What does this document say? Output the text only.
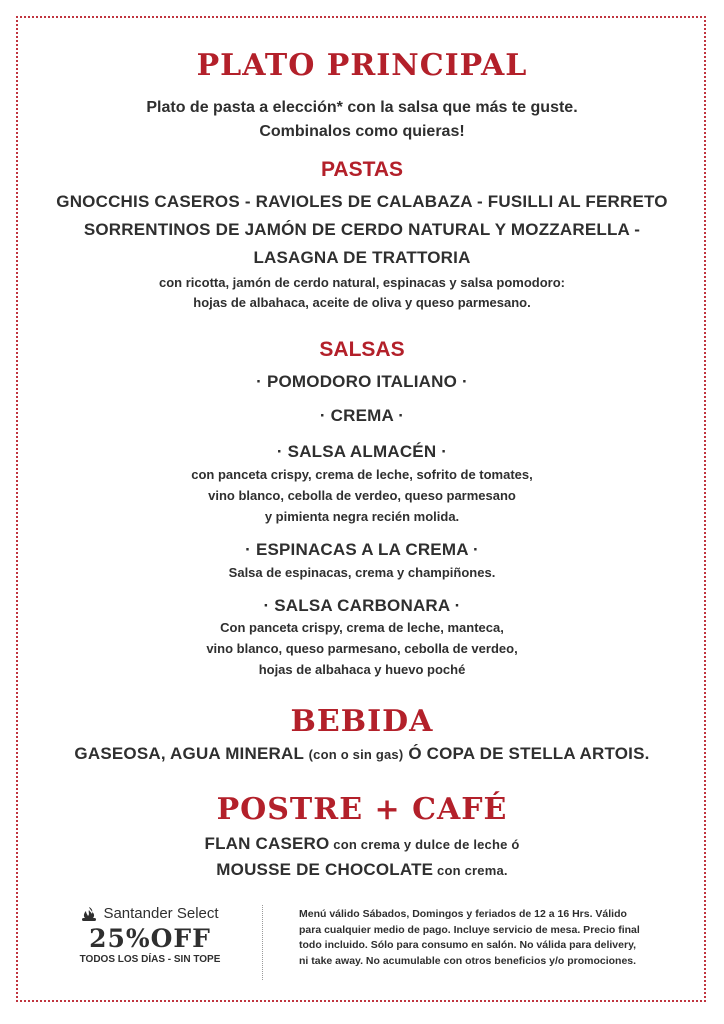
PLATO PRINCIPAL
Plato de pasta a elección* con la salsa que más te guste.
Combinalos como quieras!
PASTAS
GNOCCHIS CASEROS - RAVIOLES DE CALABAZA - FUSILLI AL FERRETO
SORRENTINOS DE JAMÓN DE CERDO NATURAL Y MOZZARELLA -
LASAGNA DE TRATTORIA
con ricotta, jamón de cerdo natural, espinacas y salsa pomodoro:
hojas de albahaca, aceite de oliva y queso parmesano.
SALSAS
· POMODORO ITALIANO ·
· CREMA ·
· SALSA ALMACÉN ·
con panceta crispy, crema de leche, sofrito de tomates,
vino blanco, cebolla de verdeo, queso parmesano
y pimienta negra recién molida.
· ESPINACAS A LA CREMA ·
Salsa de espinacas, crema y champiñones.
· SALSA CARBONARA ·
Con panceta crispy, crema de leche, manteca,
vino blanco, queso parmesano, cebolla de verdeo,
hojas de albahaca y huevo poché
BEBIDA
GASEOSA, AGUA MINERAL (con o sin gas) Ó COPA DE STELLA ARTOIS.
POSTRE + CAFÉ
FLAN CASERO con crema y dulce de leche ó
MOUSSE DE CHOCOLATE con crema.
Santander Select
25%OFF
TODOS LOS DÍAS - SIN TOPE
Menú válido Sábados, Domingos y feriados de 12 a 16 Hrs. Válido
para cualquier medio de pago. Incluye servicio de mesa. Precio final
todo incluido. Sólo para consumo en salón. No válida para delivery,
ni take away. No acumulable con otros beneficios y/o promociones.
